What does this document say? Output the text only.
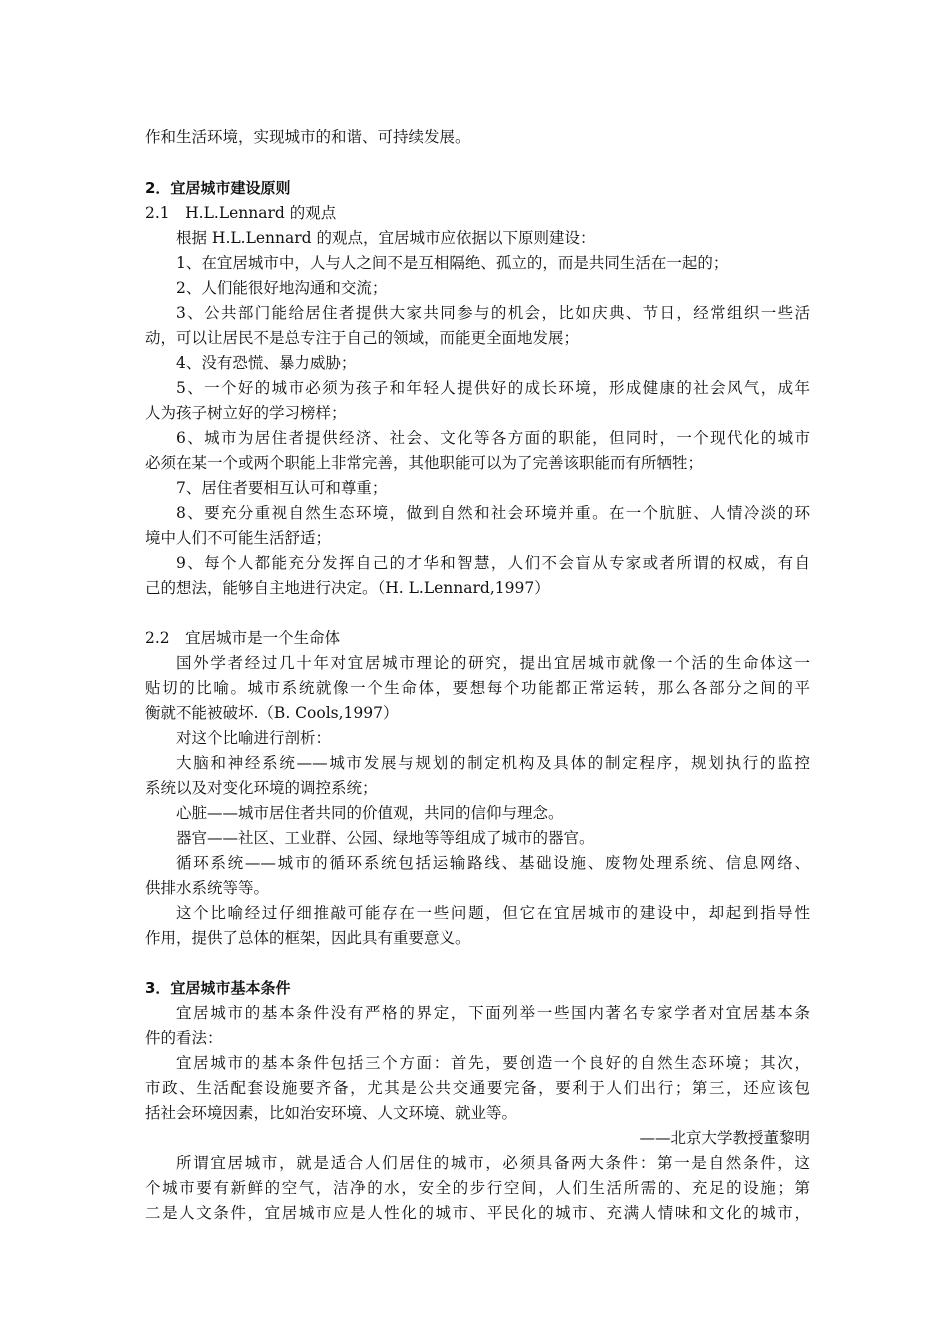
作和生活环境，实现城市的和谐、可持续发展。
2．宜居城市建设原则
2.1　H.L.Lennard 的观点
根据 H.L.Lennard 的观点，宜居城市应依据以下原则建设：
1、在宜居城市中，人与人之间不是互相隔绝、孤立的，而是共同生活在一起的；
2、人们能很好地沟通和交流；
3、公共部门能给居住者提供大家共同参与的机会，比如庆典、节日，经常组织一些活
动，可以让居民不是总专注于自己的领域，而能更全面地发展；
4、没有恐慌、暴力威胁；
5、一个好的城市必须为孩子和年轻人提供好的成长环境，形成健康的社会风气，成年
人为孩子树立好的学习榜样；
6、城市为居住者提供经济、社会、文化等各方面的职能，但同时，一个现代化的城市
必须在某一个或两个职能上非常完善，其他职能可以为了完善该职能而有所牺牲；
7、居住者要相互认可和尊重；
8、要充分重视自然生态环境，做到自然和社会环境并重。在一个肮脏、人情冷淡的环
境中人们不可能生活舒适；
9、每个人都能充分发挥自己的才华和智慧，人们不会盲从专家或者所谓的权威，有自
己的想法，能够自主地进行决定。（H. L.Lennard,1997）
2.2　宜居城市是一个生命体
国外学者经过几十年对宜居城市理论的研究，提出宜居城市就像一个活的生命体这一
贴切的比喻。城市系统就像一个生命体，要想每个功能都正常运转，那么各部分之间的平
衡就不能被破坏.（B. Cools,1997）
对这个比喻进行剖析：
大脑和神经系统——城市发展与规划的制定机构及具体的制定程序，规划执行的监控
系统以及对变化环境的调控系统；
心脏——城市居住者共同的价值观，共同的信仰与理念。
器官——社区、工业群、公园、绿地等等组成了城市的器官。
循环系统——城市的循环系统包括运输路线、基础设施、废物处理系统、信息网络、
供排水系统等等。
这个比喻经过仔细推敲可能存在一些问题，但它在宜居城市的建设中，却起到指导性
作用，提供了总体的框架，因此具有重要意义。
3．宜居城市基本条件
宜居城市的基本条件没有严格的界定，下面列举一些国内著名专家学者对宜居基本条
件的看法：
宜居城市的基本条件包括三个方面：首先，要创造一个良好的自然生态环境；其次，
市政、生活配套设施要齐备，尤其是公共交通要完备，要利于人们出行；第三，还应该包
括社会环境因素，比如治安环境、人文环境、就业等。
——北京大学教授董黎明
所谓宜居城市，就是适合人们居住的城市，必须具备两大条件：第一是自然条件，这
个城市要有新鲜的空气，洁净的水，安全的步行空间，人们生活所需的、充足的设施；第
二是人文条件，宜居城市应是人性化的城市、平民化的城市、充满人情味和文化的城市，
